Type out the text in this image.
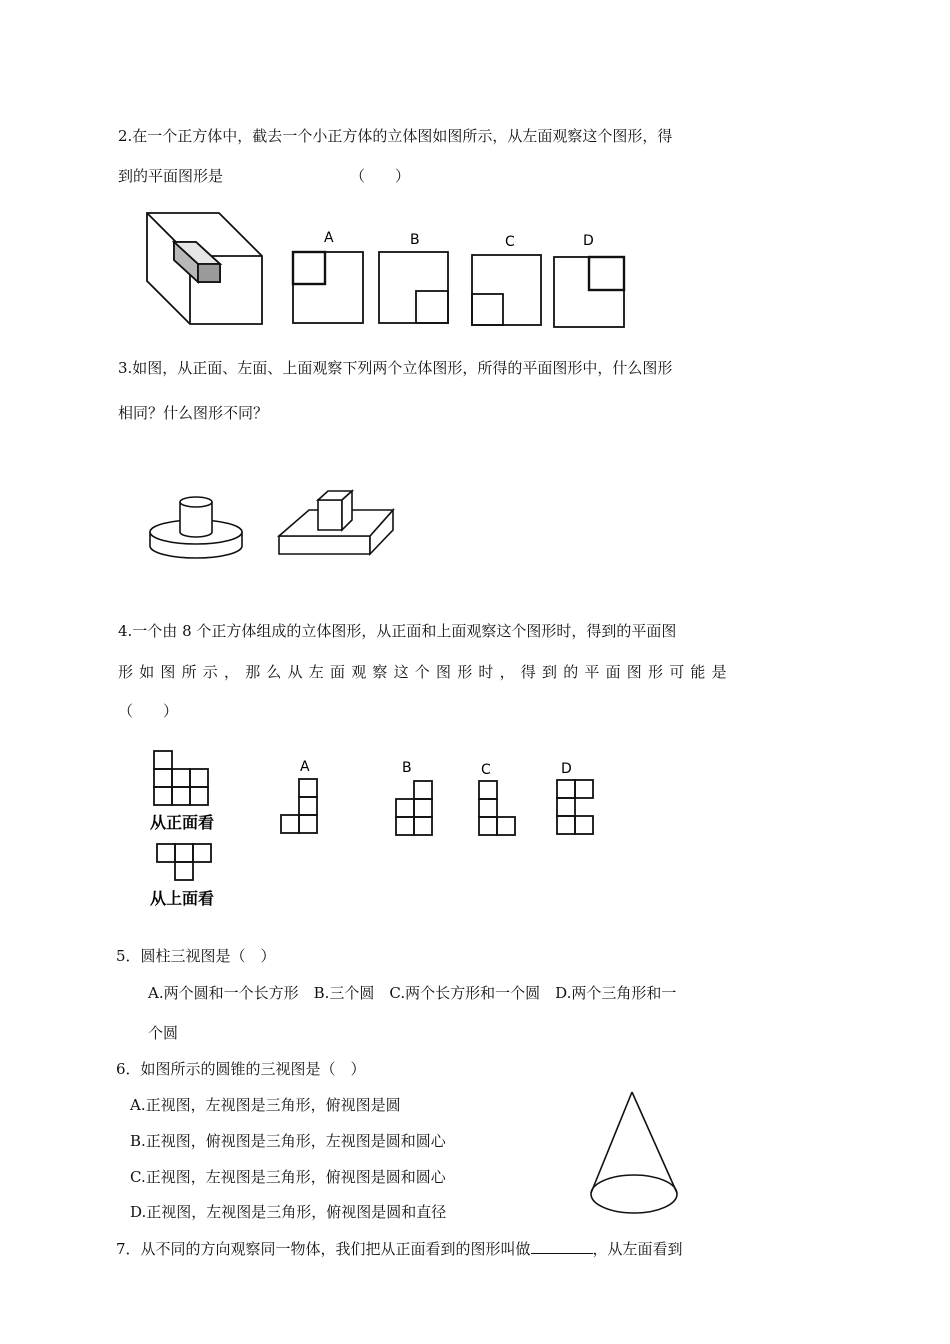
2.在一个正方体中，截去一个小正方体的立体图如图所示，从左面观察这个图形，得
到的平面图形是	（　　）
A	B	C	D
3.如图，从正面、左面、上面观察下列两个立体图形，所得的平面图形中，什么图形
相同？什么图形不同？
4.一个由 8 个正方体组成的立体图形，从正面和上面观察这个图形时，得到的平面图
形如图所示，那么从左面观察这个图形时，得到的平面图形可能是
（　　）
从正面看
从上面看
A	B	C	D
5．圆柱三视图是（　）
A.两个圆和一个长方形　B.三个圆　C.两个长方形和一个圆　D.两个三角形和一
个圆
6．如图所示的圆锥的三视图是（　）
A.正视图，左视图是三角形，俯视图是圆
B.正视图，俯视图是三角形，左视图是圆和圆心
C.正视图，左视图是三角形，俯视图是圆和圆心
D.正视图，左视图是三角形，俯视图是圆和直径
7．从不同的方向观察同一物体，我们把从正面看到的图形叫做	，从左面看到
